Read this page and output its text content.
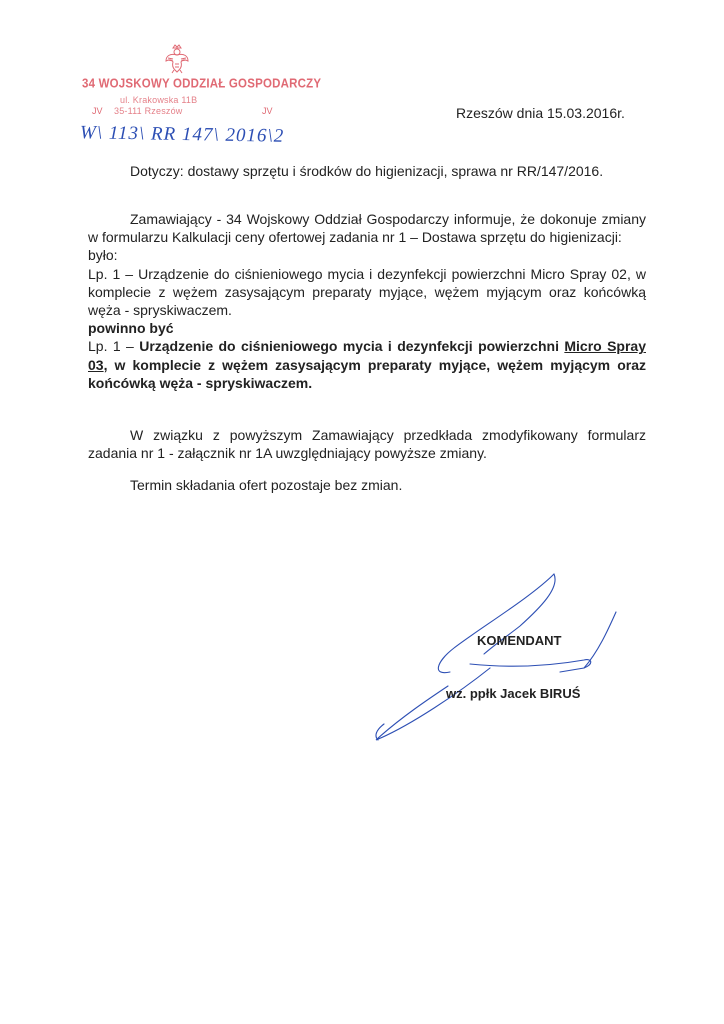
34 WOJSKOWY ODDZIAŁ GOSPODARCZY
ul. Krakowska 11B
35-111 Rzeszów
JV	JV	Rzeszów dnia 15.03.2016r.
W\ 113\ RR 147\ 2016\2
Dotyczy: dostawy sprzętu i środków do higienizacji, sprawa nr RR/147/2016.

Zamawiający - 34 Wojskowy Oddział Gospodarczy informuje, że dokonuje zmiany w formularzu Kalkulacji ceny ofertowej zadania nr 1 – Dostawa sprzętu do higienizacji:

było:

Lp. 1 – Urządzenie do ciśnieniowego mycia i dezynfekcji powierzchni Micro Spray 02, w komplecie z wężem zasysającym preparaty myjące, wężem myjącym oraz końcówką węża - spryskiwaczem.

powinno być

Lp. 1 – Urządzenie do ciśnieniowego mycia i dezynfekcji powierzchni Micro Spray 03, w komplecie z wężem zasysającym preparaty myjące, wężem myjącym oraz końcówką węża - spryskiwaczem.

W związku z powyższym Zamawiający przedkłada zmodyfikowany formularz zadania nr 1 - załącznik nr 1A uwzględniający powyższe zmiany.

Termin składania ofert pozostaje bez zmian.

KOMENDANT
wz. ppłk Jacek BIRUŚ
